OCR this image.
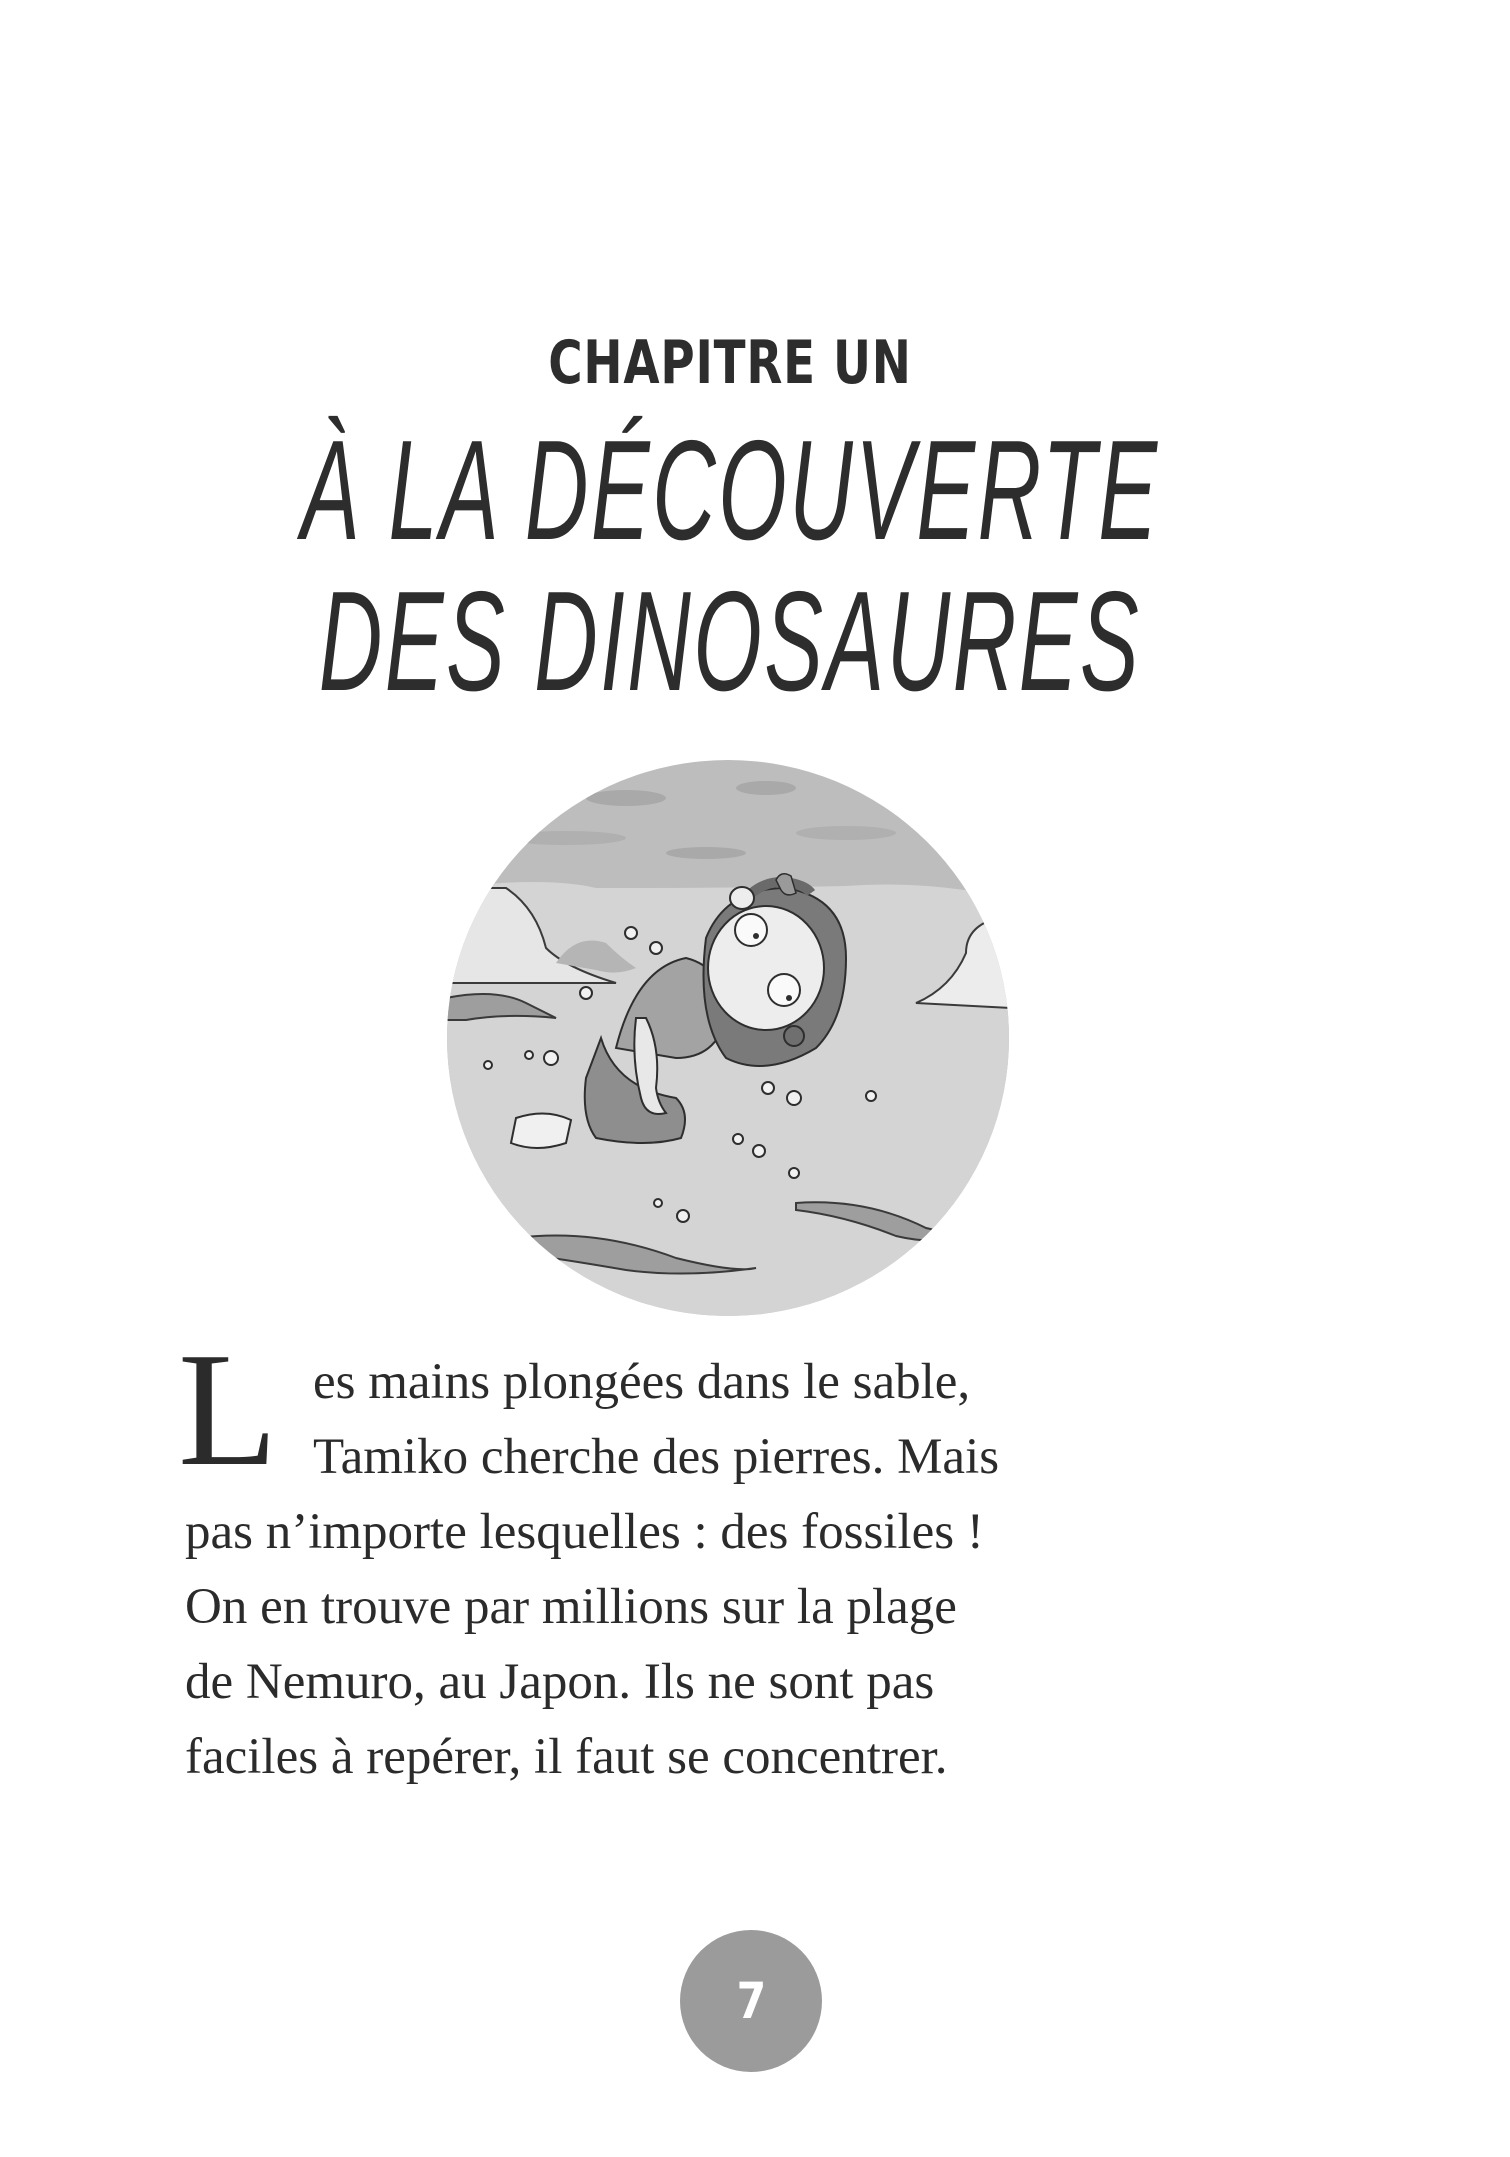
CHAPITRE UN
À LA DÉCOUVERTE
DES DINOSAURES
L es mains plongées dans le sable,
Tamiko cherche des pierres. Mais
pas n’importe lesquelles : des fossiles !
On en trouve par millions sur la plage
de Nemuro, au Japon. Ils ne sont pas
faciles à repérer, il faut se concentrer.
7
